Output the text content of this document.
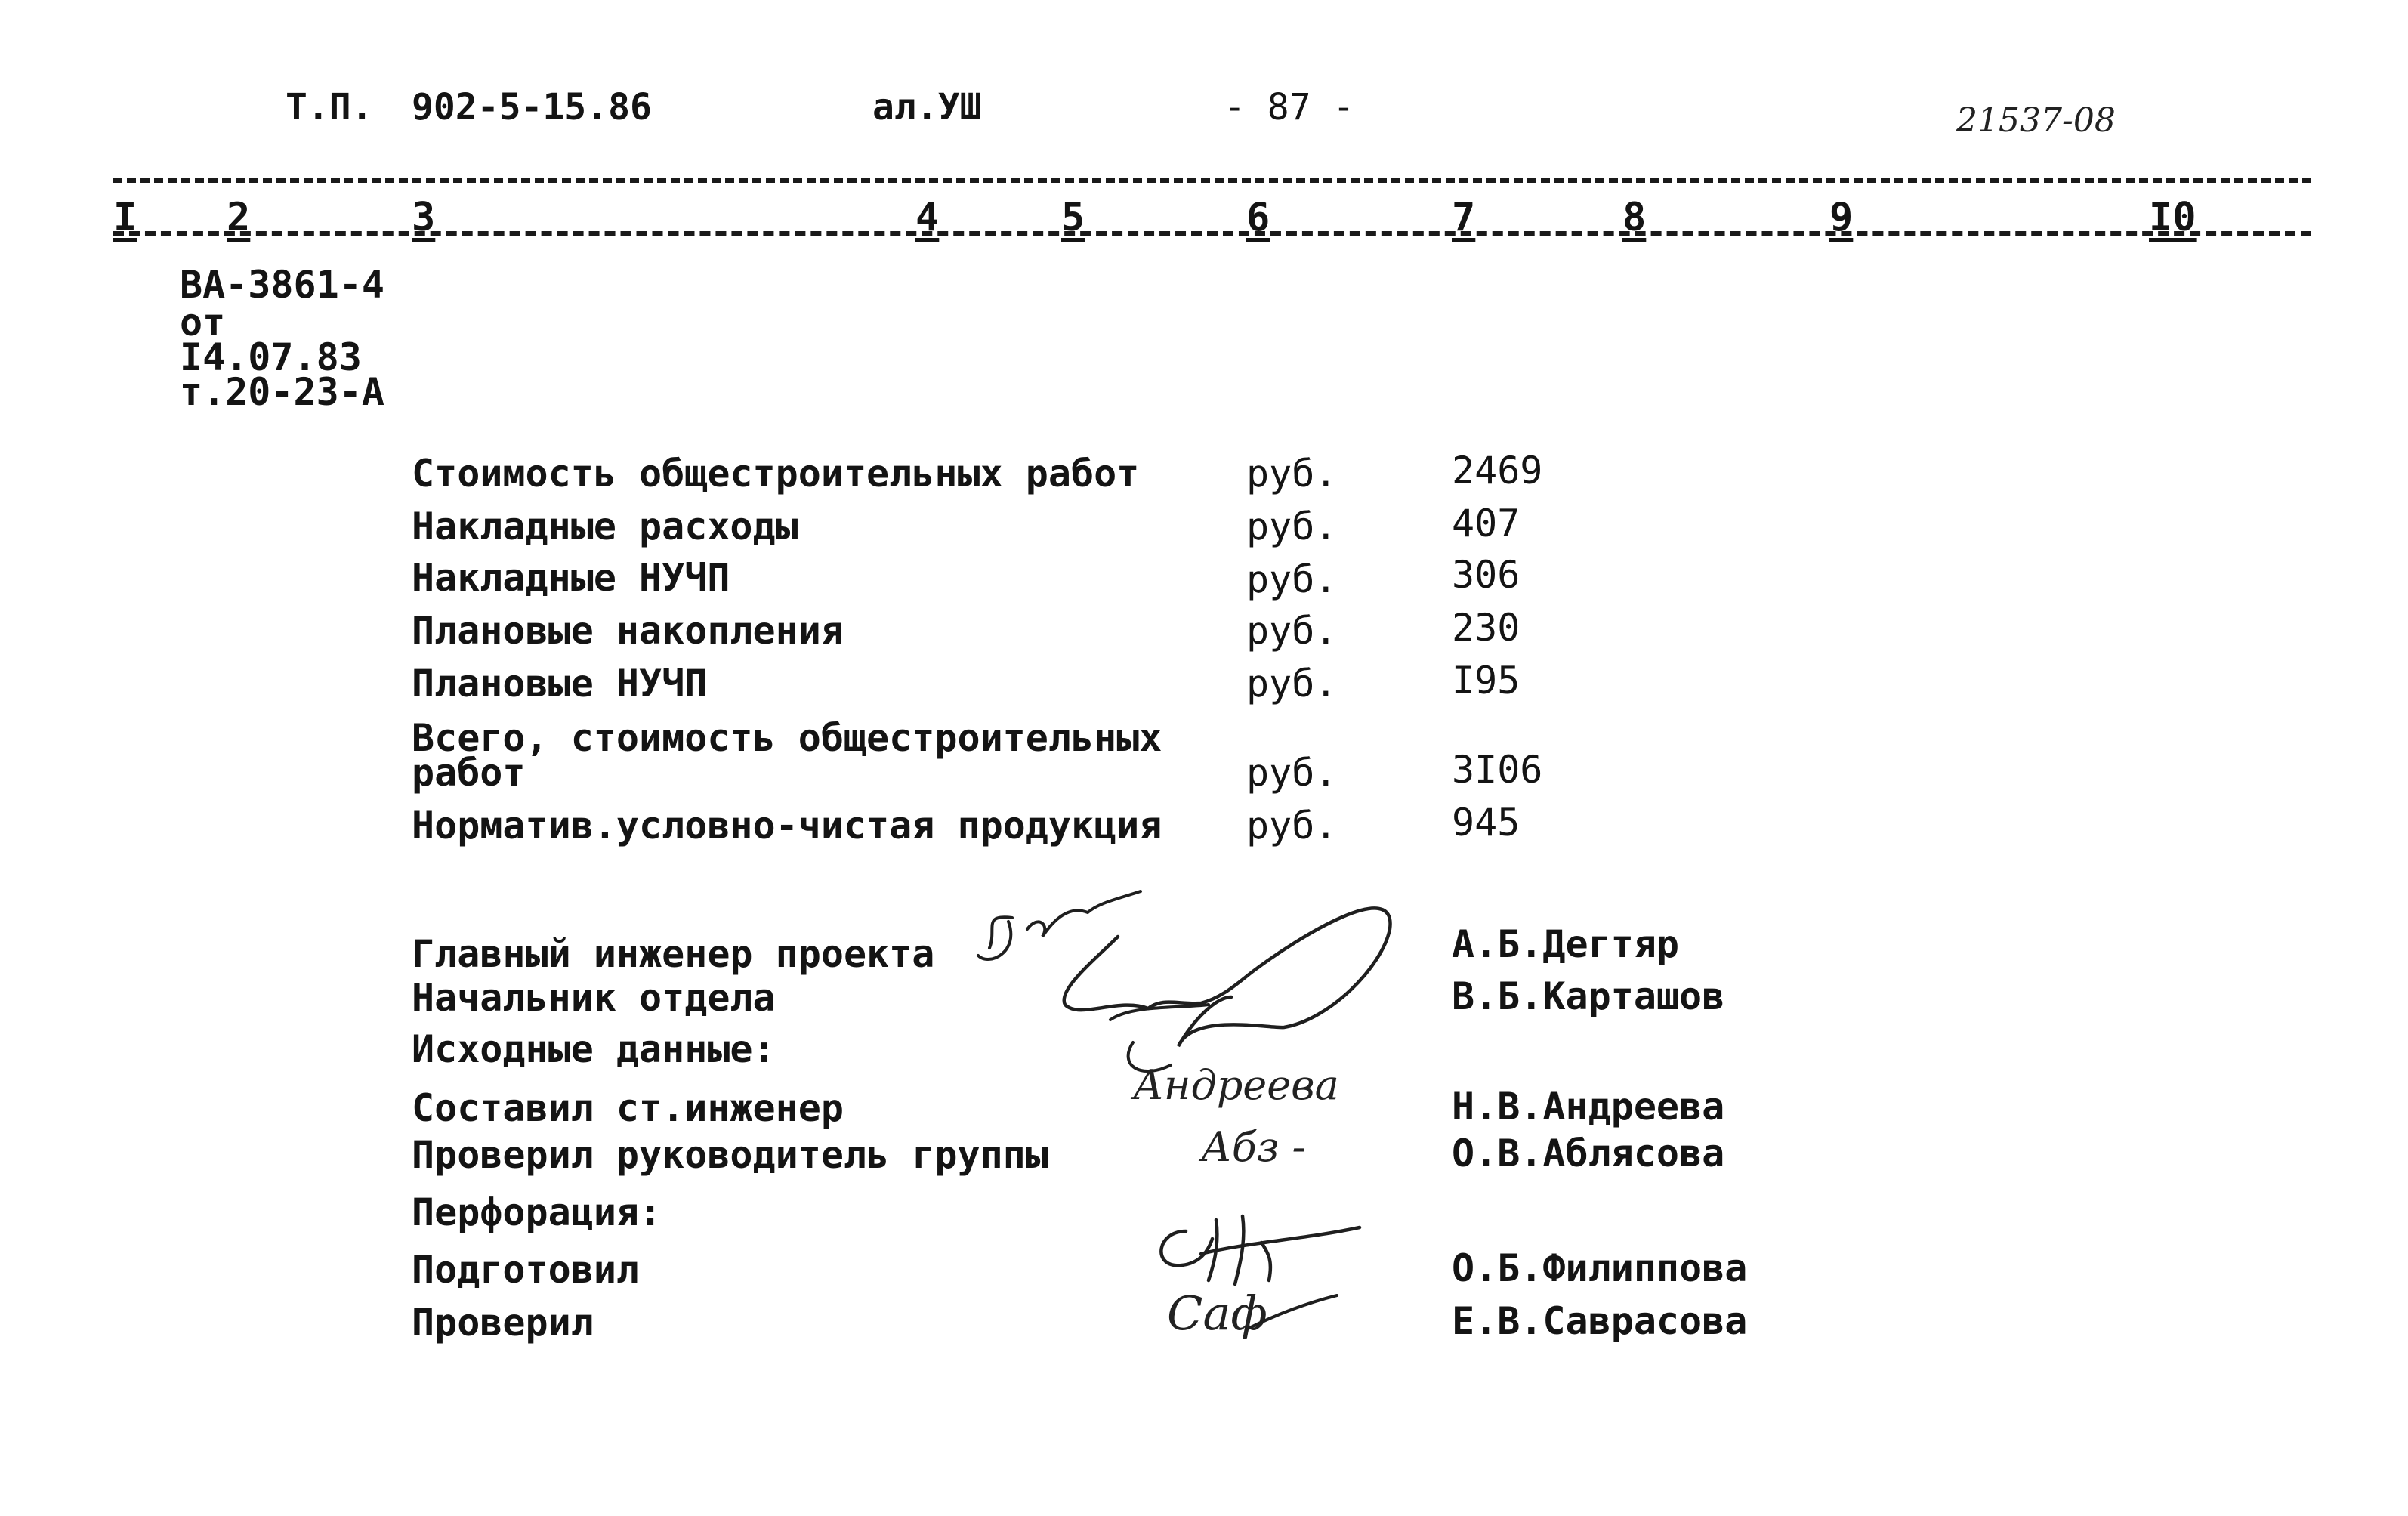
Т.П. 902-5-15.86	ал.УШ	- 87 -	21537-08
I 2	3	4	5	6	7	8	9	I0
ВА-3861-4
от
I4.07.83
т.20-23-А
Стоимость общестроительных работ	руб.	2469
Накладные расходы	руб.	407
Накладные НУЧП	руб.	306
Плановые накопления	руб.	230
Плановые НУЧП	руб.	I95
Всего, стоимость общестроительных
работ	руб.	3I06
Норматив.условно-чистая продукция руб.	945
Главный инженер проекта	А.Б.Дегтяр
Начальник отдела	В.Б.Карташов
Исходные данные:
Составил ст.инженер	Н.В.Андреева
Проверил руководитель группы	О.В.Аблясова
Перфорация:
Подготовил	О.Б.Филиппова
Проверил	Е.В.Саврасова
Андреева
Абз -
Саф
